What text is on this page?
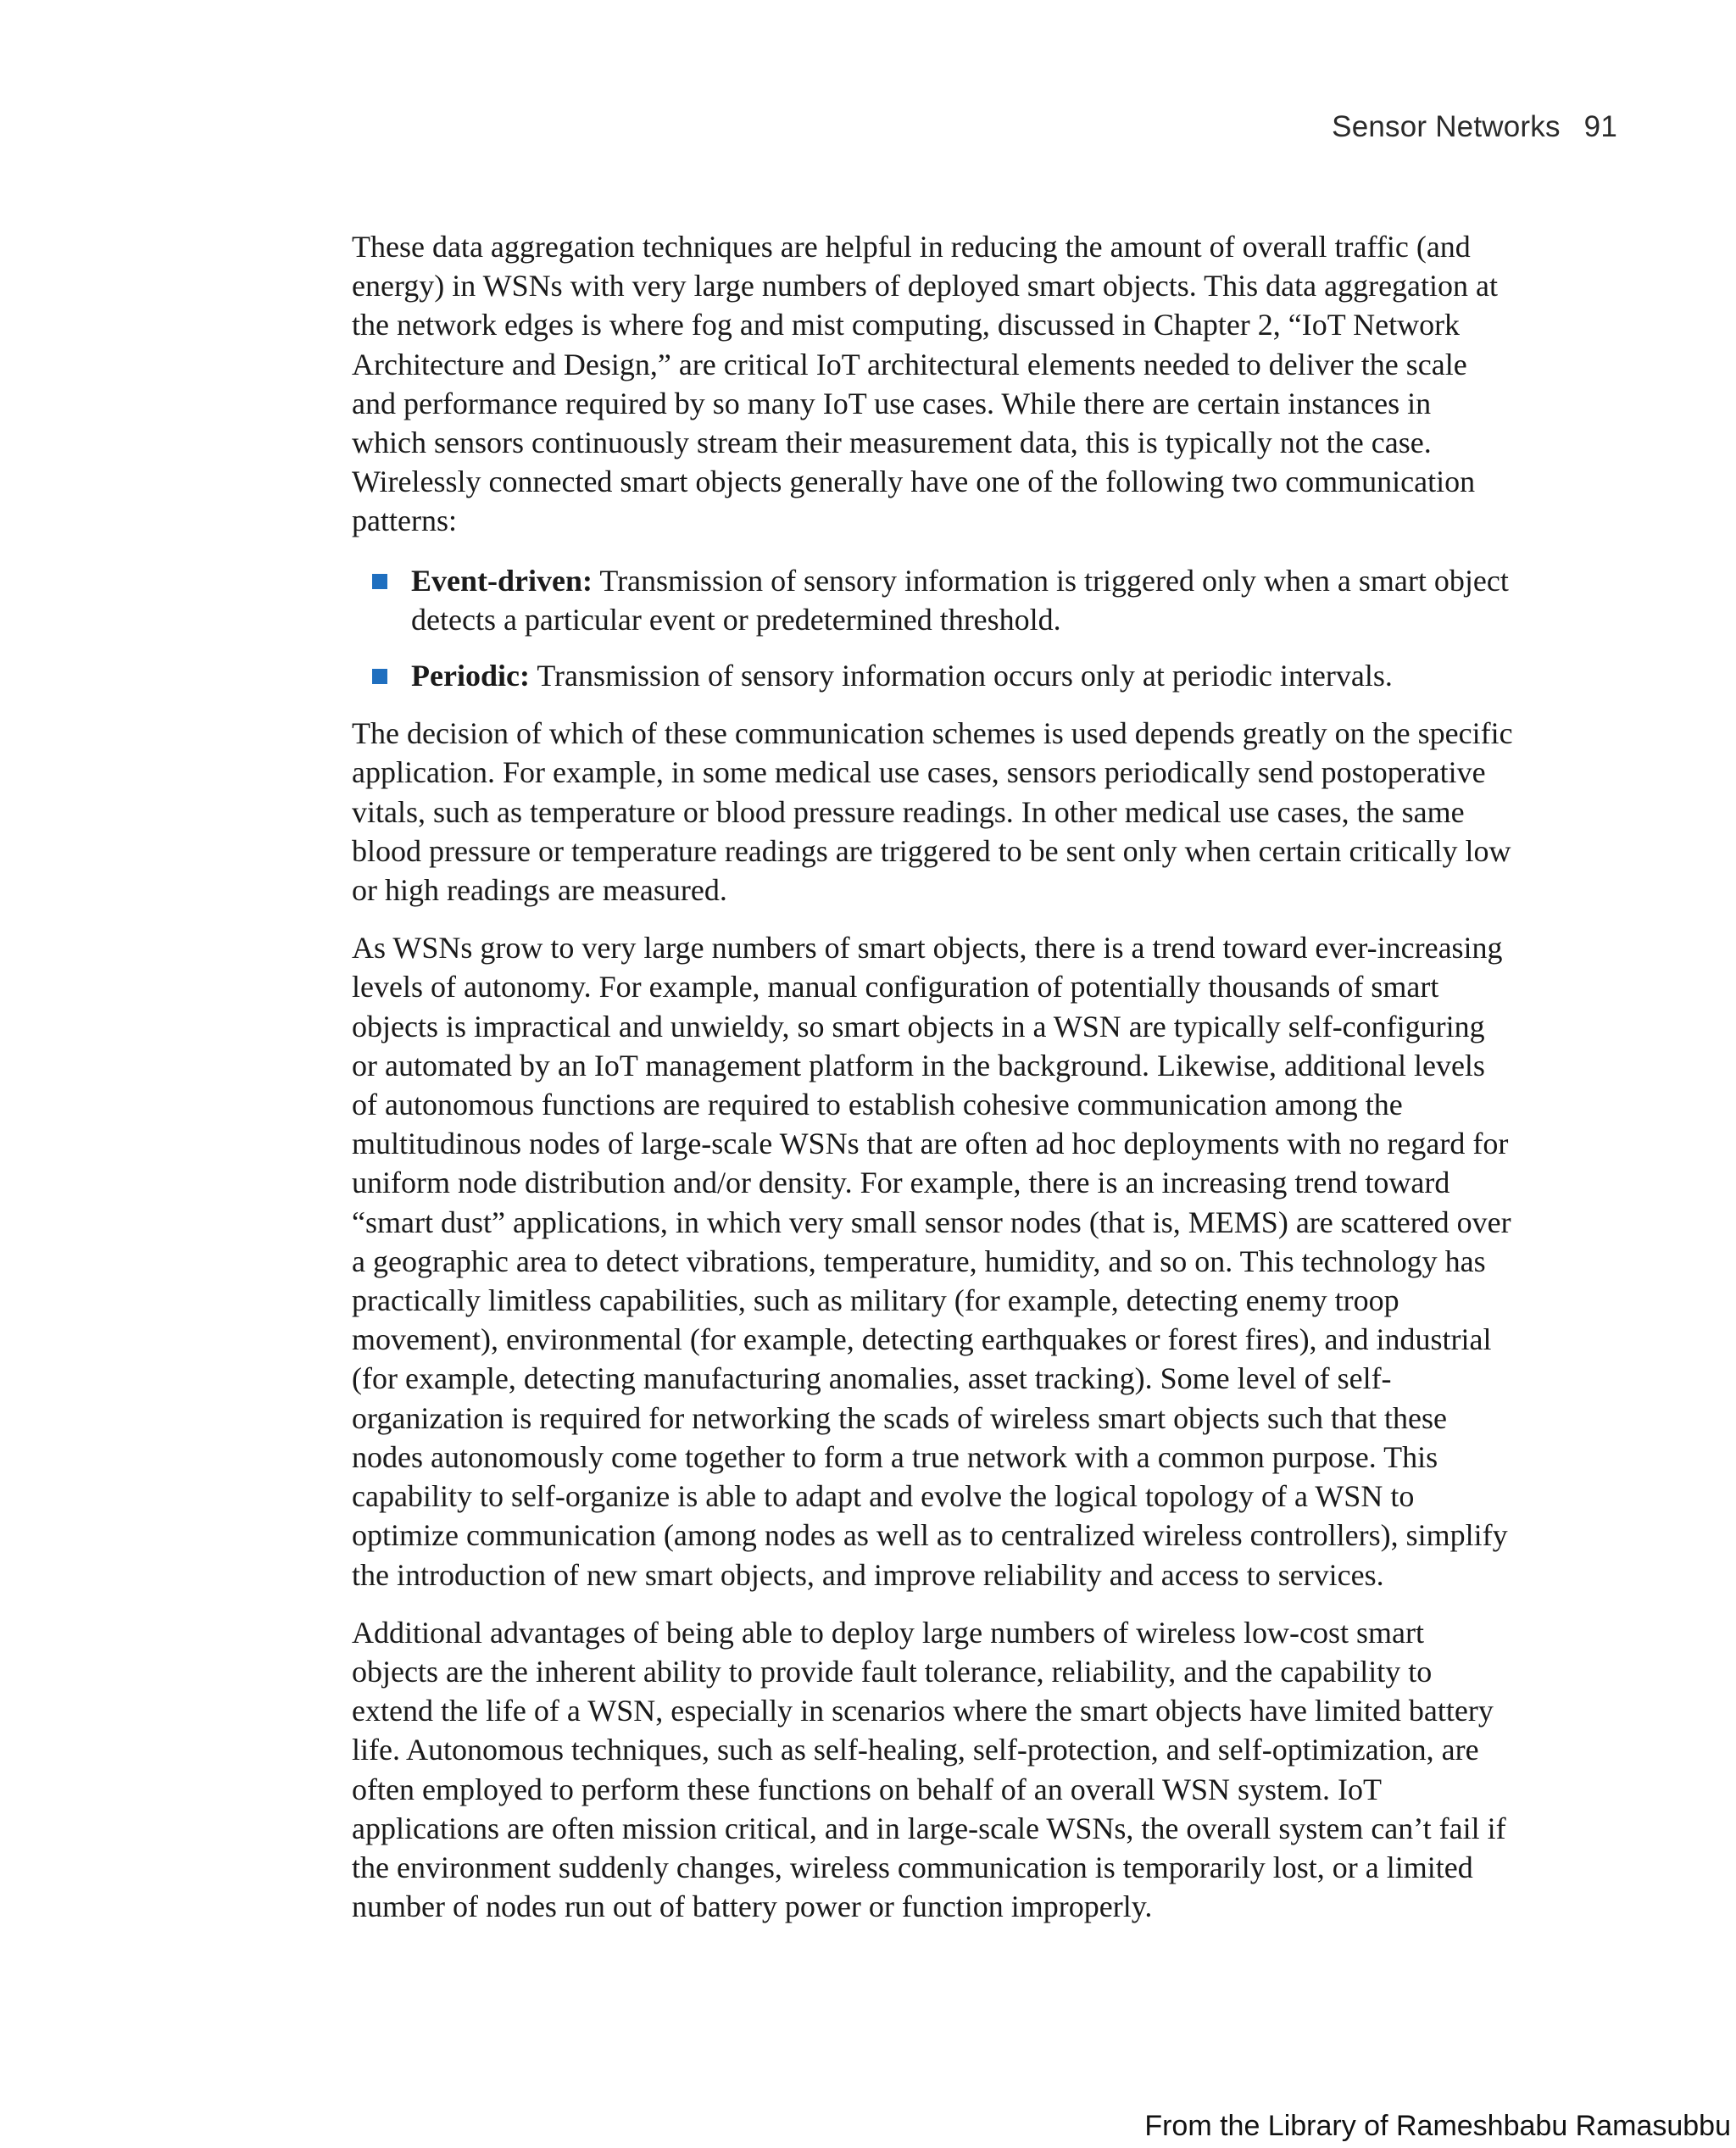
Sensor Networks 91

These data aggregation techniques are helpful in reducing the amount of overall traffic (and energy) in WSNs with very large numbers of deployed smart objects. This data aggregation at the network edges is where fog and mist computing, discussed in Chapter 2, “IoT Network Architecture and Design,” are critical IoT architectural elements needed to deliver the scale and performance required by so many IoT use cases. While there are certain instances in which sensors continuously stream their measurement data, this is typically not the case. Wirelessly connected smart objects generally have one of the following two communication patterns:

Event-driven: Transmission of sensory information is triggered only when a smart object detects a particular event or predetermined threshold.
Periodic: Transmission of sensory information occurs only at periodic intervals.

The decision of which of these communication schemes is used depends greatly on the specific application. For example, in some medical use cases, sensors periodically send postoperative vitals, such as temperature or blood pressure readings. In other medical use cases, the same blood pressure or temperature readings are triggered to be sent only when certain critically low or high readings are measured.

As WSNs grow to very large numbers of smart objects, there is a trend toward ever-increasing levels of autonomy. For example, manual configuration of potentially thousands of smart objects is impractical and unwieldy, so smart objects in a WSN are typically self-configuring or automated by an IoT management platform in the background. Likewise, additional levels of autonomous functions are required to establish cohesive communication among the multitudinous nodes of large-scale WSNs that are often ad hoc deployments with no regard for uniform node distribution and/or density. For example, there is an increasing trend toward “smart dust” applications, in which very small sensor nodes (that is, MEMS) are scattered over a geographic area to detect vibrations, temperature, humidity, and so on. This technology has practically limitless capabilities, such as military (for example, detecting enemy troop movement), environmental (for example, detecting earthquakes or forest fires), and industrial (for example, detecting manufacturing anomalies, asset tracking). Some level of self-organization is required for networking the scads of wireless smart objects such that these nodes autonomously come together to form a true network with a common purpose. This capability to self-organize is able to adapt and evolve the logical topology of a WSN to optimize communication (among nodes as well as to centralized wireless controllers), simplify the introduction of new smart objects, and improve reliability and access to services.

Additional advantages of being able to deploy large numbers of wireless low-cost smart objects are the inherent ability to provide fault tolerance, reliability, and the capability to extend the life of a WSN, especially in scenarios where the smart objects have limited battery life. Autonomous techniques, such as self-healing, self-protection, and self-optimization, are often employed to perform these functions on behalf of an overall WSN system. IoT applications are often mission critical, and in large-scale WSNs, the overall system can’t fail if the environment suddenly changes, wireless communication is temporarily lost, or a limited number of nodes run out of battery power or function improperly.

From the Library of Rameshbabu Ramasubbu
